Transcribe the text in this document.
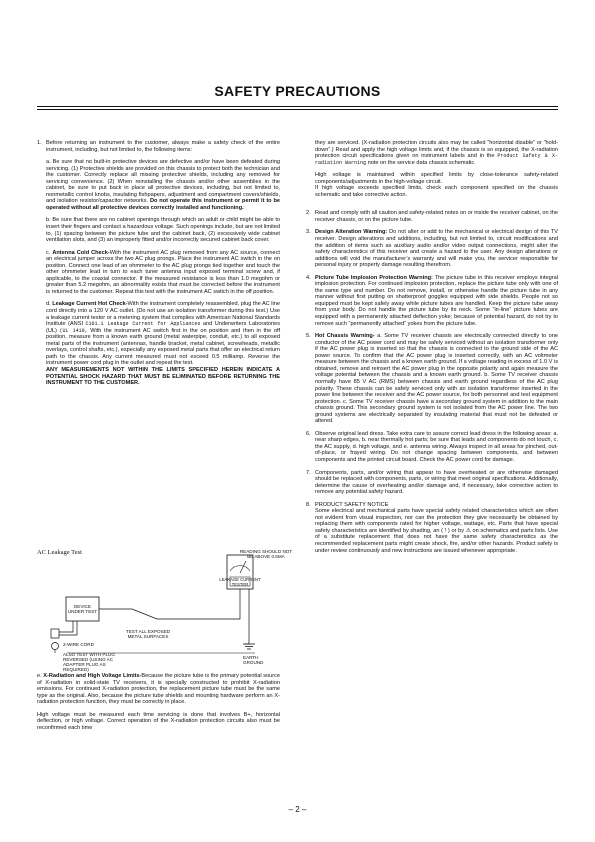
SAFETY PRECAUTIONS
1. Before returning an instrument to the customer, always make a safety check of the entire instrument, including, but not limited to, the following items:
a. Be sure that no built-in protective devices are defective and/or have been defeated during servicing. (1) Protective shields are provided on this chassis to protect both the technician and the customer. Correctly replace all missing protective shields, including any removed for servicing convenience. (2) When reinstalling the chassis and/or other assemblies in the cabinet, be sure to put back in place all protective devices, including, but not limited to, nonmetallic control knobs, insulating fishpapers, adjustment and compartment covers/shields, and isolation resistor/capacitor networks. Do not operate this instrument or permit it to be operated without all protective devices correctly installed and functioning.
b. Be sure that there are no cabinet openings through which an adult or child might be able to insert their fingers and contact a hazardous voltage. Such openings include, but are not limited to, (1) spacing between the picture tube and the cabinet back, (2) excessively wide cabinet ventilation slots, and (3) an improperly fitted and/or incorrectly secured cabinet back cover.
c. Antenna Cold Check-With the instrument AC plug removed from any AC source, connect an electrical jumper across the two AC plug prongs. Place the instrument AC switch in the on position. Connect one lead of an ohmmeter to the AC plug prongs tied together and touch the other ohmmeter lead in turn to each tuner antenna input exposed terminal screw and, if applicable, to the coaxial connector. If the measured resistance is less than 1.0 megohm or greater than 5.2 megohm, an abnormality exists that must be corrected before the instrument is returned to the customer. Repeat this test with the instrument AC switch in the off position.
d. Leakage Current Hot Check-With the instrument completely reassembled, plug the AC line cord directly into a 120 V AC outlet. (Do not use an isolation transformer during this test.) Use a leakage current tester or a metering system that complies with American National Standards Institute (ANSI C101.1 Leakage Current for Appliances and Underwriters Laboratories (UL) (UL 1410, With the instrument AC switch first in the on position and then in the off position, measure from a known earth ground (metal waterpipe, conduit, etc.) to all exposed metal parts of the instrument (antennas, handle bracket, metal cabinet, screwheads, metallic overlays, control shafts, etc.), especially any exposed metal parts that offer an electrical return path to the chassis. Any current measured must not exceed 0.5 milliamp. Reverse the instrument power cord plug in the outlet and repeat the test.
ANY MEASUREMENTS NOT WITHIN THE LIMITS SPECIFIED HEREIN INDICATE A POTENTIAL SHOCK HAZARD THAT MUST BE ELIMINATED BEFORE RETURNING THE INSTRUMENT TO THE CUSTOMER.
AC Leakage Test	READING SHOULD NOT BE ABOVE 0.5MA
LEAKAGE CURRENT TESTER
DEVICE UNDER TEST
TEST ALL EXPOSED METAL SURFACES
2-WIRE CORD
ALSO TEST WITH PLUG REVERSED (USING AC ADAPTER PLUG AS REQUIRED)
EARTH GROUND
e. X-Radiation and High Voltage Limits-Because the picture tube is the primary potential source of X-radiation in solid-state TV receivers, it is specially constructed to prohibit X-radiation emissions. For continued X-radiation protection, the replacement picture tube must be the same type as the original. Also, because the picture tube shields and mounting hardware perform an X-radiation protection function, they must be correctly in place.
High voltage must be measured each time servicing is done that involves B+, horizontal deflection, or high voltage. Correct operation of the X-radiation protection circuits also must be reconfirmed each time
they are serviced. (X-radiation protection circuits also may be called “horizontal disable” or “hold-down”.) Read and apply the high voltage limits and, if the chassis is so equipped, the X-radiation protection circuit specifications given on instrument labels and in the Product Safety & X-radiation Warning note on the service data chassis schematic.
High voltage is maintained within specified limits by close-tolerance safety-related components/adjustments in the high-voltage circuit.
If high voltage exceeds specified limits, check each component specified on the chassis schematic and take corrective action.
2. Read and comply with all caution and safety-related notes on or inside the receiver cabinet, on the receiver chassis, or on the picture tube.
3. Design Alteration Warning: Do not alter or add to the mechanical or electrical design of this TV receiver. Design alterations and additions, including, but not limited to, circuit modifications and the addition of items such as auxiliary audio and/or video output connections, might alter the safety characteristics of this receiver and create a hazard to the user. Any design alterations or additions will void the manufacturer’s warranty and will make you, the servicer responsible for personal injury or property damage resulting therefrom.
4. Picture Tube Implosion Protection Warning: The picture tube in this receiver employs integral implosion protection. For continued implosion protection, replace the picture tube only with one of the same type and number. Do not remove, install, or otherwise handle the picture tube in any manner without first putting on shatterproof goggles equipped with side shields. People not so equipped must be kept safely away while picture tubes are handled. Keep the picture tube away from your body. Do not handle the picture tube by its neck. Some “in-line” picture tubes are equipped with a permanently attached deflection yoke; because of potential hazard, do not try to remove such “permanently attached” yokes from the picture tube.
5. Hot Chassis Warning- a. Some TV receiver chassis are electrically connected directly to one conductor of the AC power cord and may be safely serviced without an isolation transformer only if the AC power plug is inserted so that the chassis is connected to the ground side of the AC power source. To confirm that the AC power plug is inserted correctly, with an AC voltmeter measure between the chassis and a known earth ground. If a voltage reading in excess of 1.0 V is obtained, remove and reinsert the AC power plug in the opposite polarity and again measure the voltage potential between the chassis and a known earth ground. b. Some TV receiver chassis normally have 85 V AC (RMS) between chassis and earth ground regardless of the AC plug polarity. These chassis can be safely serviced only with an isolation transformer inserted in the power line between the receiver and the AC power source, for both personnel and test equipment protection. c. Some TV receiver chassis have a secondary ground system in addition to the main chassis ground. This secondary ground system is not isolated from the AC power line. The two ground systems are electrically separated by insulating material that must not be defeated or altered.
6. Observe original lead dress. Take extra care to assure correct lead dress in the following areas: a. near sharp edges, b. near thermally hot parts; be sure that leads and components do not touch, c. the AC supply, d. high voltage, and e. antenna wiring. Always inspect in all areas for pinched, out-of-place, or frayed wiring. Do not change spacing between components, and between components and the printed circuit board. Check the AC power cord for damage.
7. Components, parts, and/or wiring that appear to have overheated or are otherwise damaged should be replaced with components, parts, or wiring that meet original specifications. Additionally, determine the cause of overheating and/or damage and, if necessary, take corrective action to remove any potential safety hazard.
8. PRODUCT SAFETY NOTICE
Some electrical and mechanical parts have special safety related characteristics which are often not evident from visual inspection, nor can the protection they give necessarily be obtained by replacing them with components rated for higher voltage, wattage, etc. Parts that have special safety characteristics are identified by shading, an ( ! ) or by ⚠ on schematics and parts lists. Use of a substitute replacement that does not have the same safety characteristics as the recommended replacement parts might create shock, fire, and/or other hazards. Product safety is under review continuously and new instructions are issued whenever appropriate.
– 2 –
